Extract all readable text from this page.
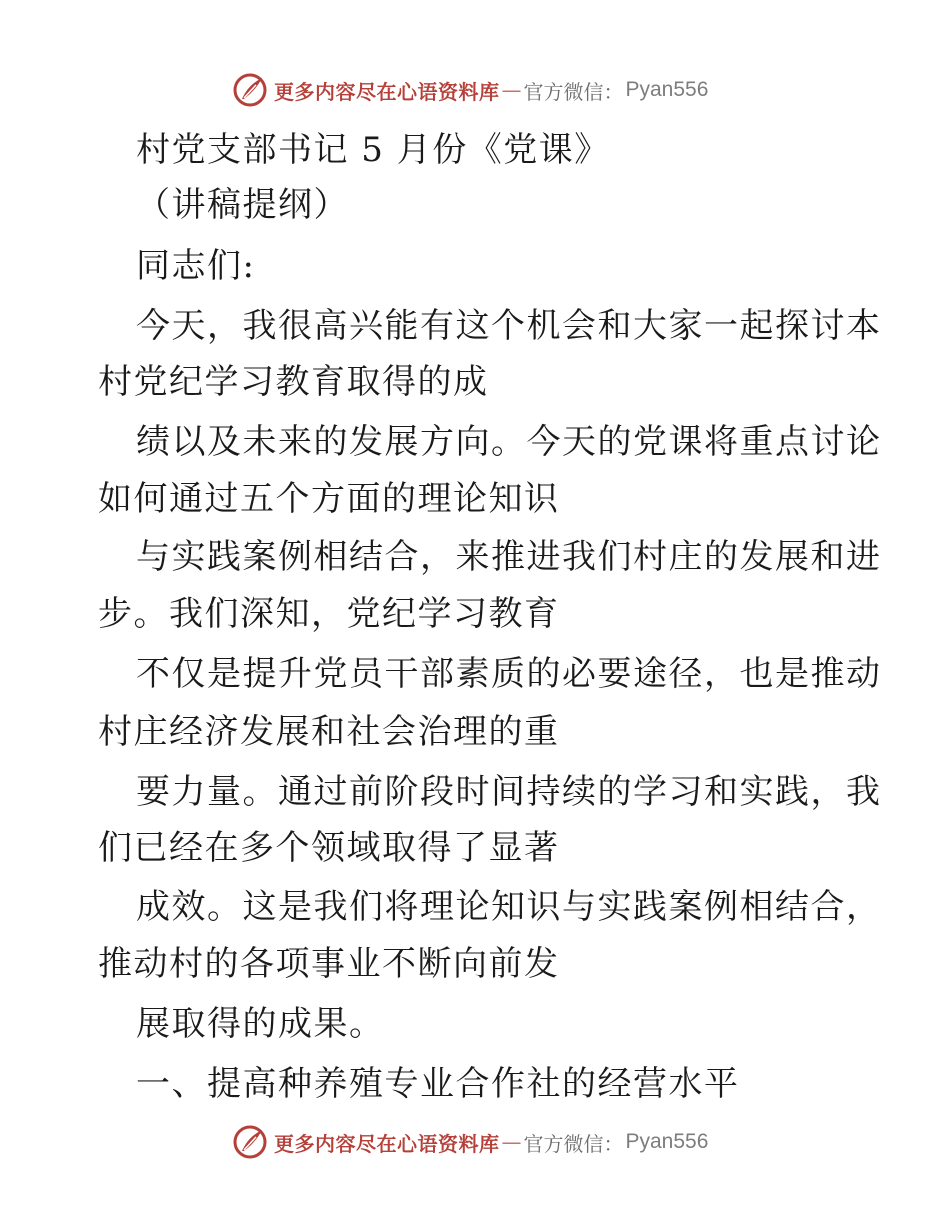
更多内容尽在心语资料库 — 官方微信： Pyan556
村党支部书记 5 月份《党课》
（讲稿提纲）
同志们:
今天，我很高兴能有这个机会和大家一起探讨本
村党纪学习教育取得的成
绩以及未来的发展方向。今天的党课将重点讨论
如何通过五个方面的理论知识
与实践案例相结合，来推进我们村庄的发展和进
步。我们深知，党纪学习教育
不仅是提升党员干部素质的必要途径，也是推动
村庄经济发展和社会治理的重
要力量。通过前阶段时间持续的学习和实践，我
们已经在多个领域取得了显著
成效。这是我们将理论知识与实践案例相结合，
推动村的各项事业不断向前发
展取得的成果。
一、提高种养殖专业合作社的经营水平
更多内容尽在心语资料库 — 官方微信： Pyan556
